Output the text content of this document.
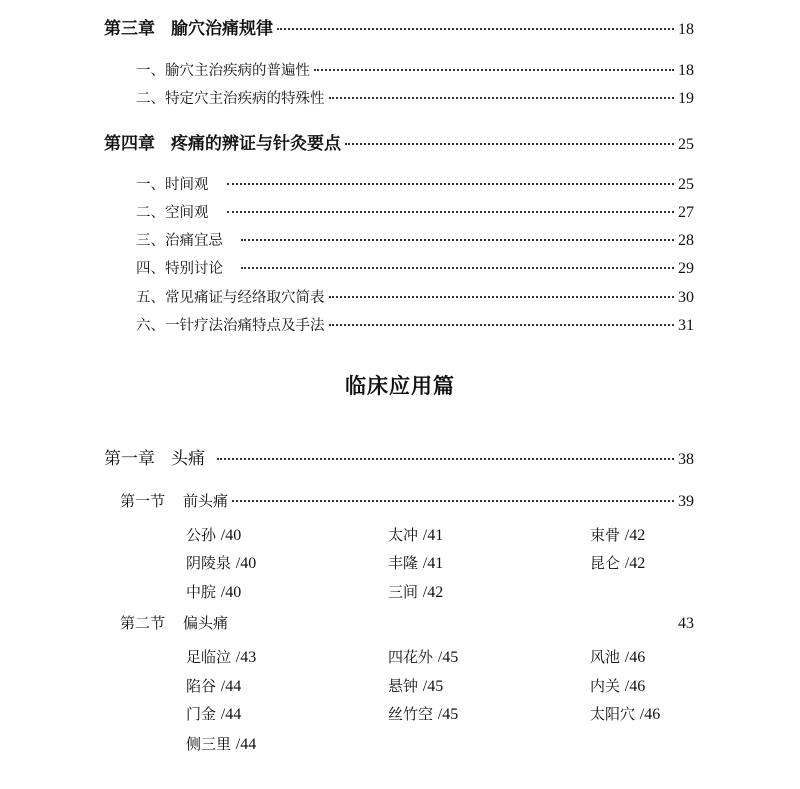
第三章 腧穴治痛规律	18
一、腧穴主治疾病的普遍性	18
二、特定穴主治疾病的特殊性	19
第四章 疼痛的辨证与针灸要点	25
一、时间观	25
二、空间观	27
三、治痛宜忌	28
四、特别讨论	29
五、常见痛证与经络取穴简表	30
六、一针疗法治痛特点及手法	31
临床应用篇
第一章 头痛	38
第一节 前头痛	39
公孙 /40	太冲 /41	束骨 /42
阴陵泉 /40	丰隆 /41	昆仑 /42
中脘 /40	三间 /42
第二节 偏头痛	43
足临泣 /43	四花外 /45	风池 /46
陷谷 /44	悬钟 /45	内关 /46
门金 /44	丝竹空 /45	太阳穴 /46
侧三里 /44
